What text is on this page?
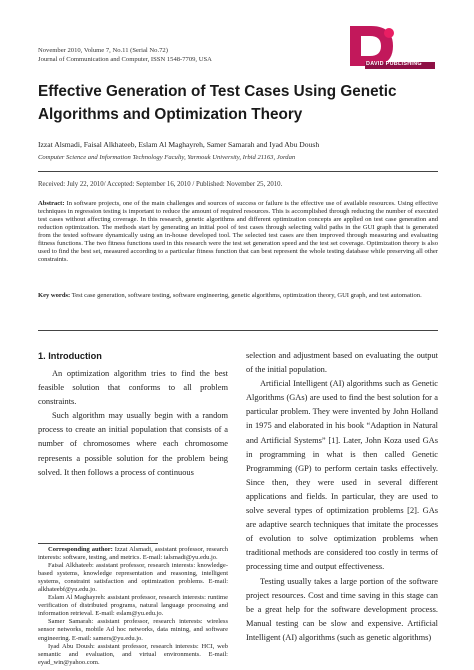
November 2010, Volume 7, No.11 (Serial No.72)
Journal of Communication and Computer, ISSN 1548-7709, USA
DAVID PUBLISHING
Effective Generation of Test Cases Using Genetic
Algorithms and Optimization Theory
Izzat Alsmadi, Faisal Alkhateeb, Eslam Al Maghayreh, Samer Samarah and Iyad Abu Doush
Computer Science and Information Technology Faculty, Yarmouk University, Irbid 21163, Jordan
Received: July 22, 2010/ Accepted: September 16, 2010 / Published: November 25, 2010.
Abstract: In software projects, one of the main challenges and sources of success or failure is the effective use of available resources. Using effective techniques in regression testing is important to reduce the amount of required resources. This is accomplished through reducing the number of executed test cases without affecting coverage. In this research, genetic algorithms and different optimization concepts are applied on test case generation and reduction optimization. The methods start by generating an initial pool of test cases through selecting valid paths in the GUI graph that is generated from the tested software dynamically using an in-house developed tool. The selected test cases are then improved through measuring and evaluating fitness functions. The two fitness functions used in this research were the test set generation speed and the test set coverage. Optimization theory is also used to find the best set, measured according to a particular fitness function that can best represent the whole testing database while preserving all other constraints.
Key words: Test case generation, software testing, software engineering, genetic algorithms, optimization theory, GUI graph, and test automation.
1. Introduction

An optimization algorithm tries to find the best feasible solution that conforms to all problem constraints.

Such algorithm may usually begin with a random process to create an initial population that consists of a number of chromosomes where each chromosome represents a possible solution for the problem being solved. It then follows a process of continuous

Corresponding author: Izzat Alsmadi, assistant professor, research interests: software, testing, and metrics. E-mail: ialsmadi@yu.edu.jo.

Faisal Alkhateeb: assistant professor, research interests: knowledge-based systems, knowledge representation and reasoning, intelligent systems, constraint satisfaction and optimization problems. E-mail: alkhateebf@yu.edu.jo.

Eslam Al Maghayreh: assistant professor, research interests: runtime verification of distributed programs, natural language processing and information retrieval. E-mail: eslam@yu.edu.jo.

Samer Samarah: assistant professor, research interests: wireless sensor networks, mobile Ad hoc networks, data mining, and software engineering. E-mail: samers@yu.edu.jo.

Iyad Abu Doush: assistant professor, research interests: HCI, web semantic and evaluation, and virtual environments. E-mail: eyad_win@yahoo.com.

selection and adjustment based on evaluating the output of the initial population.

Artificial Intelligent (AI) algorithms such as Genetic Algorithms (GAs) are used to find the best solution for a particular problem. They were invented by John Holland in 1975 and elaborated in his book “Adaption in Natural and Artificial Systems” [1]. Later, John Koza used GAs in programming in what is then called Genetic Programming (GP) to perform certain tasks effectively. Since then, they were used in several different applications and fields. In particular, they are used to solve several types of optimization problems [2]. GAs are adaptive search techniques that imitate the processes of evolution to solve optimization problems when traditional methods are considered too costly in terms of processing time and output effectiveness.

Testing usually takes a large portion of the software project resources. Cost and time saving in this stage can be a great help for the software development process. Manual testing can be slow and expensive. Artificial Intelligent (AI) algorithms (such as genetic algorithms)
